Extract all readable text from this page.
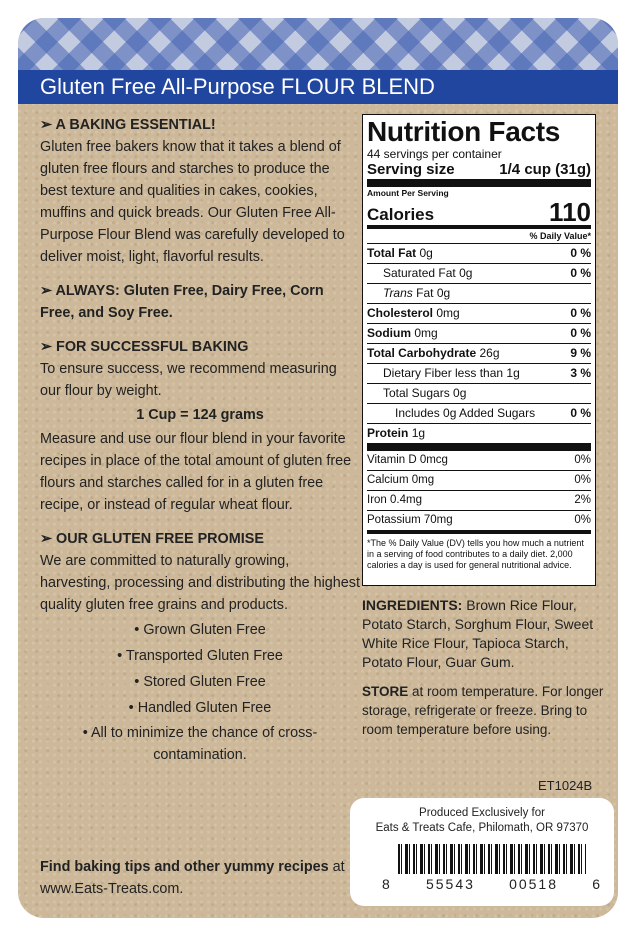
Gluten Free All-Purpose FLOUR BLEND
➢ A BAKING ESSENTIAL!

Gluten free bakers know that it takes a blend of gluten free flours and starches to produce the best texture and qualities in cakes, cookies, muffins and quick breads. Our Gluten Free All-Purpose Flour Blend was carefully developed to deliver moist, light, flavorful results.

➢ ALWAYS: Gluten Free, Dairy Free, Corn Free, and Soy Free.

➢ FOR SUCCESSFUL BAKING

To ensure success, we recommend measuring our flour by weight.

1 Cup = 124 grams

Measure and use our flour blend in your favorite recipes in place of the total amount of gluten free flours and starches called for in a gluten free recipe, or instead of regular wheat flour.

➢ OUR GLUTEN FREE PROMISE

We are committed to naturally growing, harvesting, processing and distributing the highest quality gluten free grains and products.

• Grown Gluten Free
• Transported Gluten Free
• Stored Gluten Free
• Handled Gluten Free
• All to minimize the chance of cross-contamination.
Find baking tips and other yummy recipes at www.Eats-Treats.com.
Nutrition Facts
44 servings per container
Serving size	1/4 cup (31g)
Amount Per Serving
Calories	110
% Daily Value*
Total Fat 0g	0 %
Saturated Fat 0g	0 %
Trans Fat 0g
Cholesterol 0mg	0 %
Sodium 0mg	0 %
Total Carbohydrate 26g	9 %
Dietary Fiber less than 1g	3 %
Total Sugars 0g
Includes 0g Added Sugars	0 %
Protein 1g
Vitamin D 0mcg	0%
Calcium 0mg	0%
Iron 0.4mg	2%
Potassium 70mg	0%
*The % Daily Value (DV) tells you how much a nutrient in a serving of food contributes to a daily diet. 2,000 calories a day is used for general nutritional advice.

INGREDIENTS: Brown Rice Flour, Potato Starch, Sorghum Flour, Sweet White Rice Flour, Tapioca Starch, Potato Flour, Guar Gum.

STORE at room temperature. For longer storage, refrigerate or freeze. Bring to room temperature before using.

ET1024B
Produced Exclusively for
Eats & Treats Cafe, Philomath, OR 97370
8 55543 00518 6
